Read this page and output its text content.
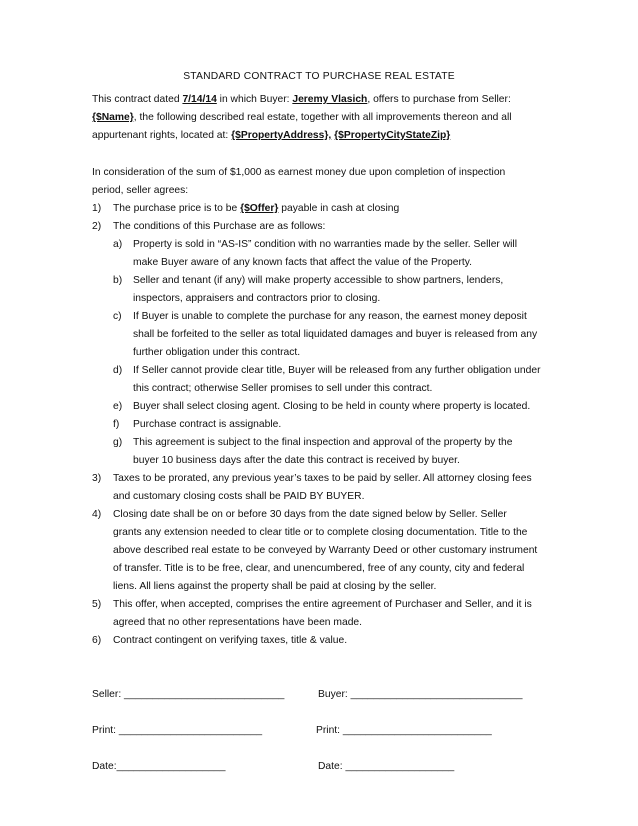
STANDARD CONTRACT TO PURCHASE REAL ESTATE
This contract dated 7/14/14 in which Buyer: Jeremy Vlasich, offers to purchase from Seller:
{$Name}, the following described real estate, together with all improvements thereon and all
appurtenant rights, located at: {$PropertyAddress}, {$PropertyCityStateZip}
In consideration of the sum of $1,000 as earnest money due upon completion of inspection
period, seller agrees:
1) The purchase price is to be {$Offer} payable in cash at closing
2) The conditions of this Purchase are as follows:
a) Property is sold in “AS-IS” condition with no warranties made by the seller. Seller will
make Buyer aware of any known facts that affect the value of the Property.
b) Seller and tenant (if any) will make property accessible to show partners, lenders,
inspectors, appraisers and contractors prior to closing.
c) If Buyer is unable to complete the purchase for any reason, the earnest money deposit
shall be forfeited to the seller as total liquidated damages and buyer is released from any
further obligation under this contract.
d) If Seller cannot provide clear title, Buyer will be released from any further obligation under
this contract; otherwise Seller promises to sell under this contract.
e) Buyer shall select closing agent. Closing to be held in county where property is located.
f) Purchase contract is assignable.
g) This agreement is subject to the final inspection and approval of the property by the
buyer 10 business days after the date this contract is received by buyer.
3) Taxes to be prorated, any previous year’s taxes to be paid by seller. All attorney closing fees
and customary closing costs shall be PAID BY BUYER.
4) Closing date shall be on or before 30 days from the date signed below by Seller. Seller
grants any extension needed to clear title or to complete closing documentation. Title to the
above described real estate to be conveyed by Warranty Deed or other customary instrument
of transfer. Title is to be free, clear, and unencumbered, free of any county, city and federal
liens. All liens against the property shall be paid at closing by the seller.
5) This offer, when accepted, comprises the entire agreement of Purchaser and Seller, and it is
agreed that no other representations have been made.
6) Contract contingent on verifying taxes, title & value.
Seller: ____________________________	Buyer: ______________________________
Print: _________________________	Print: __________________________
Date:___________________	Date: ___________________
